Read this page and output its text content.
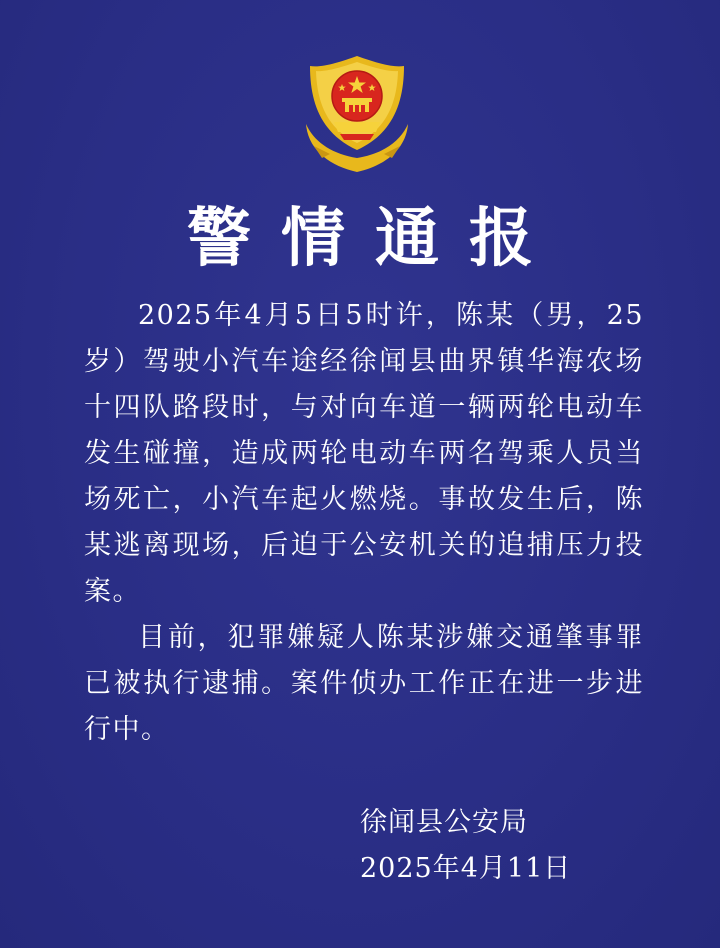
警情通报

2025年4月5日5时许，陈某（男，25岁）驾驶小汽车途经徐闻县曲界镇华海农场十四队路段时，与对向车道一辆两轮电动车发生碰撞，造成两轮电动车两名驾乘人员当场死亡，小汽车起火燃烧。事故发生后，陈某逃离现场，后迫于公安机关的追捕压力投案。

目前，犯罪嫌疑人陈某涉嫌交通肇事罪已被执行逮捕。案件侦办工作正在进一步进行中。

徐闻县公安局
2025年4月11日
